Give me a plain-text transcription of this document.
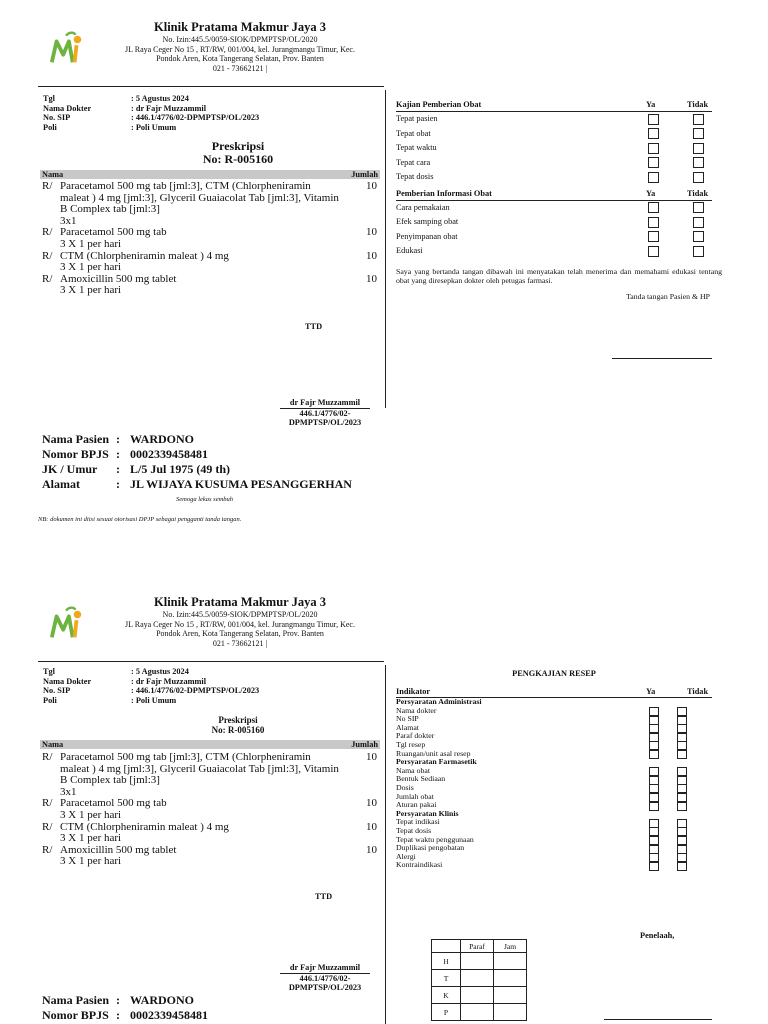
Klinik Pratama Makmur Jaya 3
No. Izin:445.5/0059-SIOK/DPMPTSP/OL/2020
JL Raya Ceger No 15 , RT/RW, 001/004, kel. Jurangmangu Timur, Kec.
Pondok Aren, Kota Tangerang Selatan, Prov. Banten
021 - 73662121 |
Tgl	: 5 Agustus 2024
Nama Dokter	: dr Fajr Muzzammil
No. SIP	: 446.1/4776/02-DPMPTSP/OL/2023
Poli	: Poli Umum
Preskripsi
No: R-005160
Nama	Jumlah
R/ Paracetamol 500 mg tab [jml:3], CTM (Chlorpheniramin maleat ) 4 mg [jml:3], Glyceril Guaiacolat Tab [jml:3], Vitamin B Complex tab [jml:3]
3x1
10
R/ Paracetamol 500 mg tab
3 X 1 per hari
10
R/ CTM (Chlorpheniramin maleat ) 4 mg
3 X 1 per hari
10
R/ Amoxicillin 500 mg tablet
3 X 1 per hari
10
TTD
dr Fajr Muzzammil
446.1/4776/02-
DPMPTSP/OL/2023
Nama Pasien : WARDONO
Nomor BPJS : 0002339458481
JK / Umur	: L/5 Jul 1975 (49 th)
Alamat	: JL WIJAYA KUSUMA PESANGGERHAN
Semoga lekas sembuh
NB: dokumen ini diisi sesuai otorisasi DPJP sebagai pengganti tanda tangan.
Kajian Pemberian Obat	Ya	Tidak
Tepat pasien
Tepat obat
Tepat waktu
Tepat cara
Tepat dosis
Pemberian Informasi Obat	Ya	Tidak
Cara pemakaian
Efek samping obat
Penyimpanan obat
Edukasi
Saya yang bertanda tangan dibawah ini menyatakan telah menerima dan memahami edukasi tentang obat yang diresepkan dokter oleh petugas farmasi.
Tanda tangan Pasien & HP
Klinik Pratama Makmur Jaya 3
No. Izin:445.5/0059-SIOK/DPMPTSP/OL/2020
JL Raya Ceger No 15 , RT/RW, 001/004, kel. Jurangmangu Timur, Kec.
Pondok Aren, Kota Tangerang Selatan, Prov. Banten
021 - 73662121 |
Tgl	: 5 Agustus 2024
Nama Dokter	: dr Fajr Muzzammil
No. SIP	: 446.1/4776/02-DPMPTSP/OL/2023
Poli	: Poli Umum
Preskripsi
No: R-005160
Nama	Jumlah
R/ Paracetamol 500 mg tab [jml:3], CTM (Chlorpheniramin maleat ) 4 mg [jml:3], Glyceril Guaiacolat Tab [jml:3], Vitamin B Complex tab [jml:3]
3x1
10
R/ Paracetamol 500 mg tab
3 X 1 per hari
10
R/ CTM (Chlorpheniramin maleat ) 4 mg
3 X 1 per hari
10
R/ Amoxicillin 500 mg tablet
3 X 1 per hari
10
TTD
dr Fajr Muzzammil
446.1/4776/02-
DPMPTSP/OL/2023
Nama Pasien : WARDONO
Nomor BPJS : 0002339458481
PENGKAJIAN RESEP
Indikator	Ya	Tidak
Persyaratan Administrasi
Nama dokter
No SIP
Alamat
Paraf dokter
Tgl resep
Ruangan/unit asal resep
Persyaratan Farmasetik
Nama obat
Bentuk Sediaan
Dosis
Jumlah obat
Aturan pakai
Persyaratan Klinis
Tepat indikasi
Tepat dosis
Tepat waktu penggunaan
Duplikasi pengobatan
Alergi
Kontraindikasi
Penelaah,
	Paraf	Jam
H		
T		
K		
P		
